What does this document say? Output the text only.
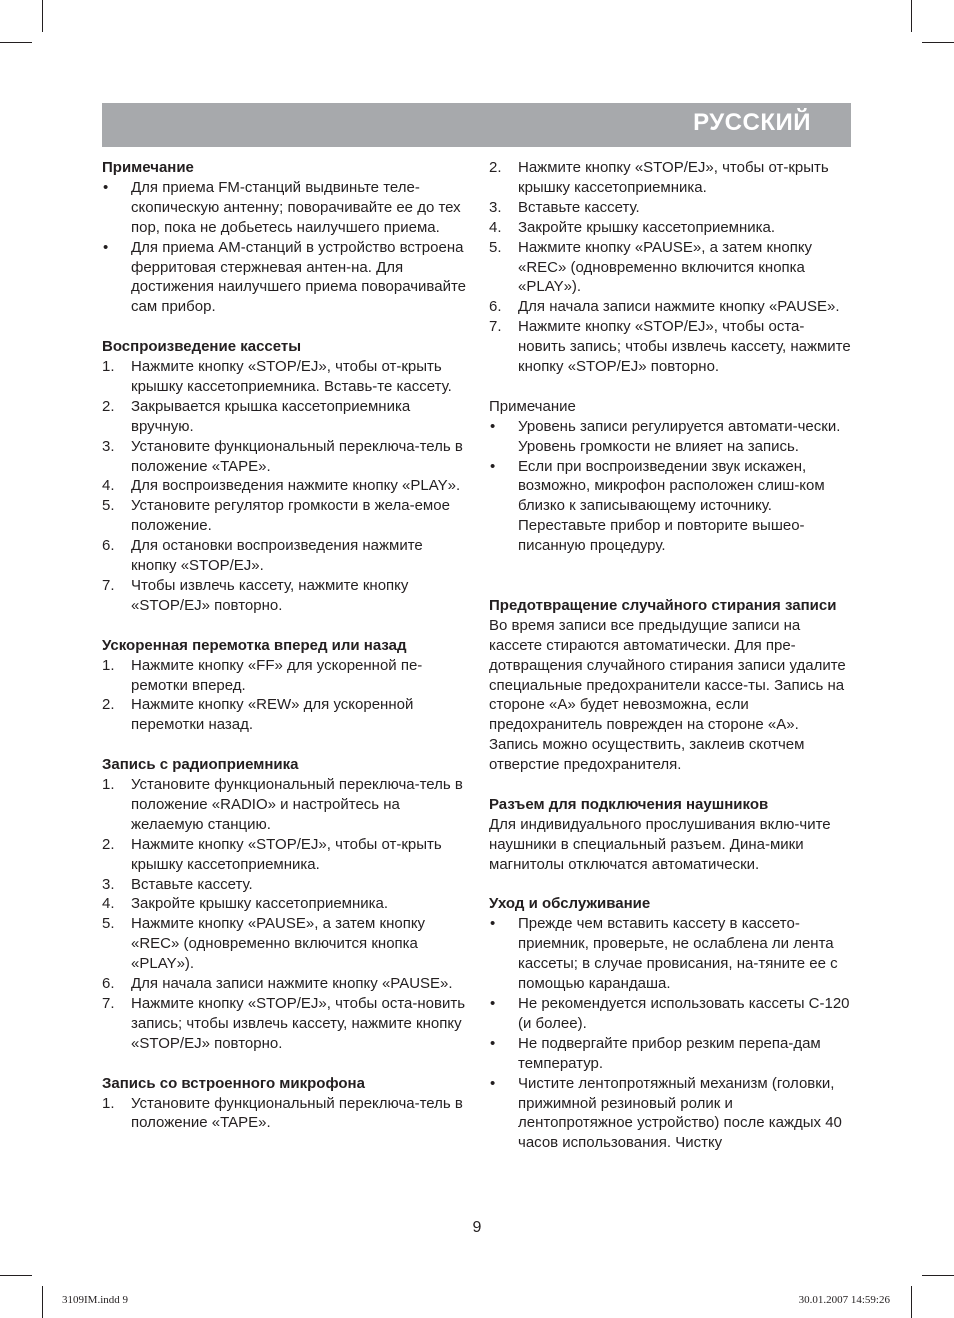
РУССКИЙ
Примечание
• Для приема FM-станций выдвиньте теле-скопическую антенну; поворачивайте ее до тех пор, пока не добьетесь наилучшего приема.
• Для приема AM-станций в устройство встроена ферритовая стержневая антен-на. Для достижения наилучшего приема поворачивайте сам прибор.
Воспроизведение кассеты
1. Нажмите кнопку «STOP/EJ», чтобы от-крыть крышку кассетоприемника. Вставь-те кассету.
2. Закрывается крышка кассетоприемника вручную.
3. Установите функциональный переключа-тель в положение «TAPE».
4. Для воспроизведения нажмите кнопку «PLAY».
5. Установите регулятор громкости в жела-емое положение.
6. Для остановки воспроизведения нажмите кнопку «STOP/EJ».
7. Чтобы извлечь кассету, нажмите кнопку «STOP/EJ» повторно.
Ускоренная перемотка вперед или назад
1. Нажмите кнопку «FF» для ускоренной пе-ремотки вперед.
2. Нажмите кнопку «REW» для ускоренной перемотки назад.
Запись с радиоприемника
1. Установите функциональный переключа-тель в положение «RADIO» и настройтесь на желаемую станцию.
2. Нажмите кнопку «STOP/EJ», чтобы от-крыть крышку кассетоприемника.
3. Вставьте кассету.
4. Закройте крышку кассетоприемника.
5. Нажмите кнопку «PAUSE», а затем кнопку «REC» (одновременно включится кнопка «PLAY»).
6. Для начала записи нажмите кнопку «PAUSE».
7. Нажмите кнопку «STOP/EJ», чтобы оста-новить запись; чтобы извлечь кассету, нажмите кнопку «STOP/EJ» повторно.
Запись со встроенного микрофона
1. Установите функциональный переключа-тель в положение «TAPE».
2. Нажмите кнопку «STOP/EJ», чтобы от-крыть крышку кассетоприемника.
3. Вставьте кассету.
4. Закройте крышку кассетоприемника.
5. Нажмите кнопку «PAUSE», а затем кнопку «REC» (одновременно включится кнопка «PLAY»).
6. Для начала записи нажмите кнопку «PAUSE».
7. Нажмите кнопку «STOP/EJ», чтобы оста-новить запись; чтобы извлечь кассету, нажмите кнопку «STOP/EJ» повторно.
Примечание
• Уровень записи регулируется автомати-чески. Уровень громкости не влияет на запись.
• Если при воспроизведении звук искажен, возможно, микрофон расположен слиш-ком близко к записывающему источнику. Переставьте прибор и повторите вышео-писанную процедуру.
Предотвращение случайного стирания записи
Во время записи все предыдущие записи на кассете стираются автоматически. Для пре-дотвращения случайного стирания записи удалите специальные предохранители кассе-ты. Запись на стороне «А» будет невозможна, если предохранитель поврежден на стороне «А». Запись можно осуществить, заклеив скотчем отверстие предохранителя.
Разъем для подключения наушников
Для индивидуального прослушивания вклю-чите наушники в специальный разъем. Дина-мики магнитолы отключатся автоматически.
Уход и обслуживание
• Прежде чем вставить кассету в кассето-приемник, проверьте, не ослаблена ли лента кассеты; в случае провисания, на-тяните ее с помощью карандаша.
• Не рекомендуется использовать кассеты С-120 (и более).
• Не подвергайте прибор резким перепа-дам температур.
• Чистите лентопротяжный механизм (головки, прижимной резиновый ролик и лентопротяжное устройство) после каждых 40 часов использования. Чистку
9
3109IM.indd 9	30.01.2007 14:59:26
